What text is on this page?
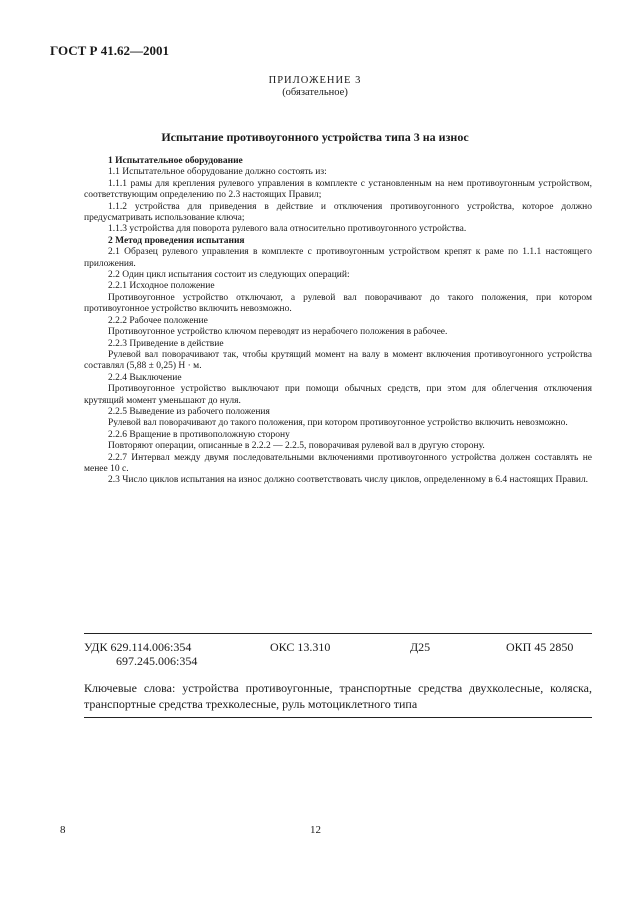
ГОСТ Р 41.62—2001
ПРИЛОЖЕНИЕ 3
(обязательное)
Испытание противоугонного устройства типа 3 на износ

1 Испытательное оборудование

1.1 Испытательное оборудование должно состоять из:

1.1.1 рамы для крепления рулевого управления в комплекте с установленным на нем противоугонным устройством, соответствующим определению по 2.3 настоящих Правил;

1.1.2 устройства для приведения в действие и отключения противоугонного устройства, которое должно предусматривать использование ключа;

1.1.3 устройства для поворота рулевого вала относительно противоугонного устройства.

2 Метод проведения испытания

2.1 Образец рулевого управления в комплекте с противоугонным устройством крепят к раме по 1.1.1 настоящего приложения.

2.2 Один цикл испытания состоит из следующих операций:

2.2.1 Исходное положение

Противоугонное устройство отключают, а рулевой вал поворачивают до такого положения, при котором противоугонное устройство включить невозможно.

2.2.2 Рабочее положение

Противоугонное устройство ключом переводят из нерабочего положения в рабочее.

2.2.3 Приведение в действие

Рулевой вал поворачивают так, чтобы крутящий момент на валу в момент включения противоугонного устройства составлял (5,88 ± 0,25) Н · м.

2.2.4 Выключение

Противоугонное устройство выключают при помощи обычных средств, при этом для облегчения отключения крутящий момент уменьшают до нуля.

2.2.5 Выведение из рабочего положения

Рулевой вал поворачивают до такого положения, при котором противоугонное устройство включить невозможно.

2.2.6 Вращение в противоположную сторону

Повторяют операции, описанные в 2.2.2 — 2.2.5, поворачивая рулевой вал в другую сторону.

2.2.7 Интервал между двумя последовательными включениями противоугонного устройства должен составлять не менее 10 с.

2.3 Число циклов испытания на износ должно соответствовать числу циклов, определенному в 6.4 настоящих Правил.

УДК 629.114.006:354
697.245.006:354
ОКС 13.310	Д25	ОКП 45 2850
Ключевые слова: устройства противоугонные, транспортные средства двухколесные, коляска, транспортные средства трехколесные, руль мотоциклетного типа
8	12
